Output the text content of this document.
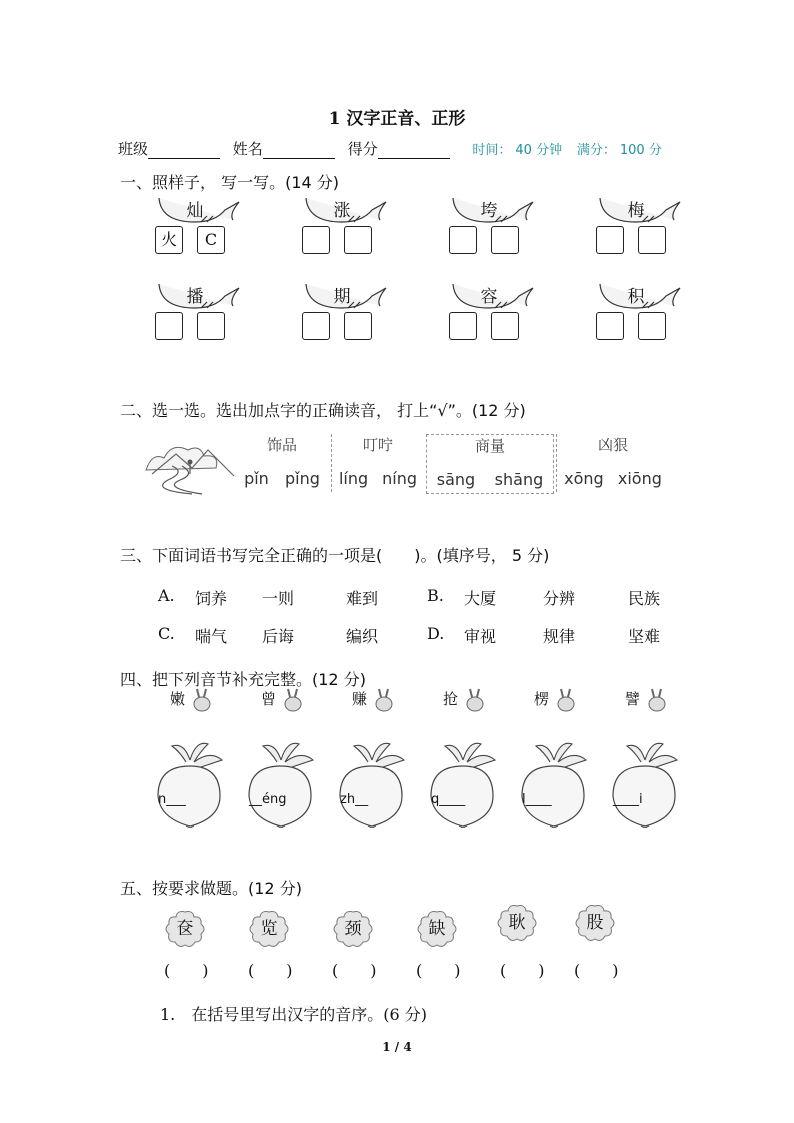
1 汉字正音、正形
班级	姓名	得分	时间： 40 分钟 满分： 100 分
一、照样子， 写一写。(14 分)
灿
火	C
涨	垮	梅
播	期	容	积
二、选一选。选出加点字的正确读音， 打上“√”。(12 分)
饰品
pǐn pǐng
叮咛
líng níng
商量
sāng shāng
凶狠
xōng xiōng
三、下面词语书写完全正确的一项是(　　)。(填序号， 5 分)
A. 饲养 一则	难到	B. 大厦	分辨	民族
C. 喘气 后诲	编织	D. 审视	规律	坚难
四、把下列音节补充完整。(12 分)
嫩
n___
曾
__éng
赚
zh__
抢
q____
楞
l____
譬
____i
五、按要求做题。(12 分)
奁
(　　)
览
(　　)
颈
(　　)
缺
(　　)
耿
(　　)
股
(　　)
1.　在括号里写出汉字的音序。(6 分)
1 / 4
